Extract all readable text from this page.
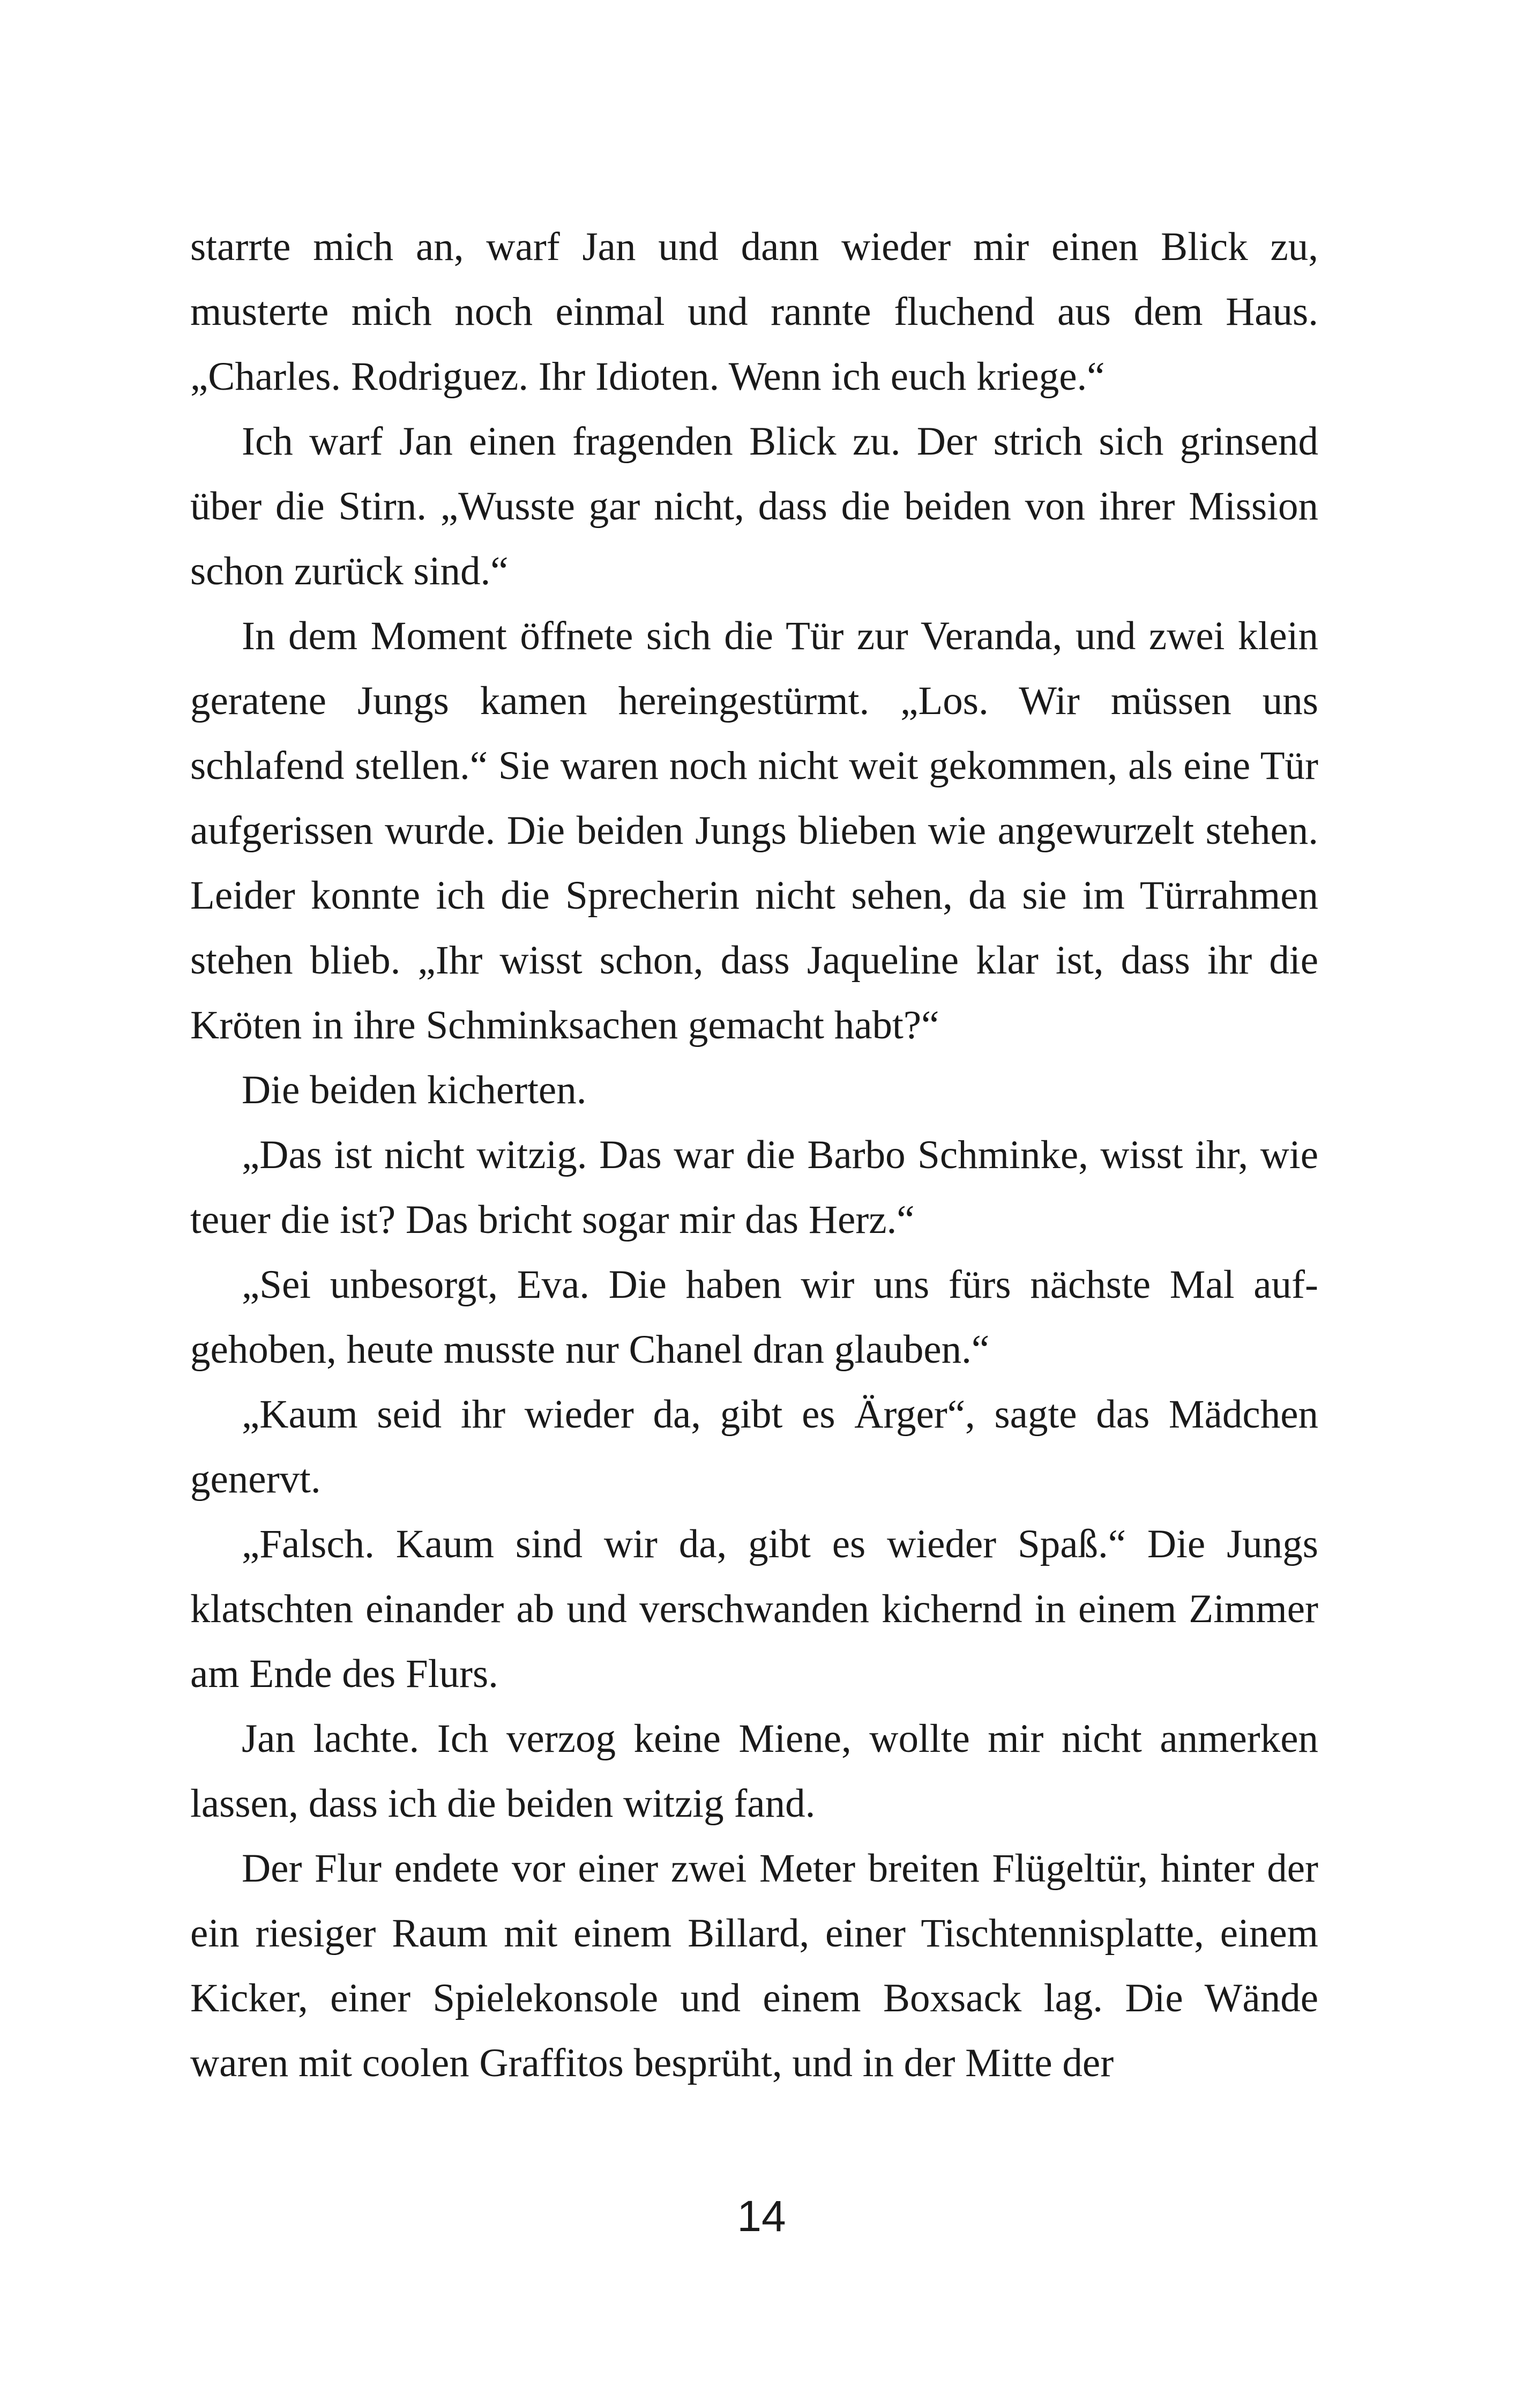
starrte mich an, warf Jan und dann wieder mir einen Blick zu, musterte mich noch einmal und rannte fluchend aus dem Haus. „Charles. Rodriguez. Ihr Idioten. Wenn ich euch kriege.“

Ich warf Jan einen fragenden Blick zu. Der strich sich grinsend über die Stirn. „Wusste gar nicht, dass die beiden von ihrer Mission schon zurück sind.“

In dem Moment öffnete sich die Tür zur Veranda, und zwei klein geratene Jungs kamen hereingestürmt. „Los. Wir müssen uns schlafend stellen.“ Sie waren noch nicht weit gekommen, als eine Tür aufgerissen wurde. Die beiden Jungs blieben wie angewurzelt stehen. Leider konnte ich die Sprecherin nicht sehen, da sie im Türrahmen stehen blieb. „Ihr wisst schon, dass Jaqueline klar ist, dass ihr die Kröten in ihre Schminksachen gemacht habt?“

Die beiden kicherten.

„Das ist nicht witzig. Das war die Barbo Schminke, wisst ihr, wie teuer die ist? Das bricht sogar mir das Herz.“

„Sei unbesorgt, Eva. Die haben wir uns fürs nächste Mal aufgehoben, heute musste nur Chanel dran glauben.“

„Kaum seid ihr wieder da, gibt es Ärger“, sagte das Mädchen genervt.

„Falsch. Kaum sind wir da, gibt es wieder Spaß.“ Die Jungs klatschten einander ab und verschwanden kichernd in einem Zimmer am Ende des Flurs.

Jan lachte. Ich verzog keine Miene, wollte mir nicht anmerken lassen, dass ich die beiden witzig fand.

Der Flur endete vor einer zwei Meter breiten Flügeltür, hinter der ein riesiger Raum mit einem Billard, einer Tischtennisplatte, einem Kicker, einer Spielekonsole und einem Boxsack lag. Die Wände waren mit coolen Graffitos besprüht, und in der Mitte der

14
